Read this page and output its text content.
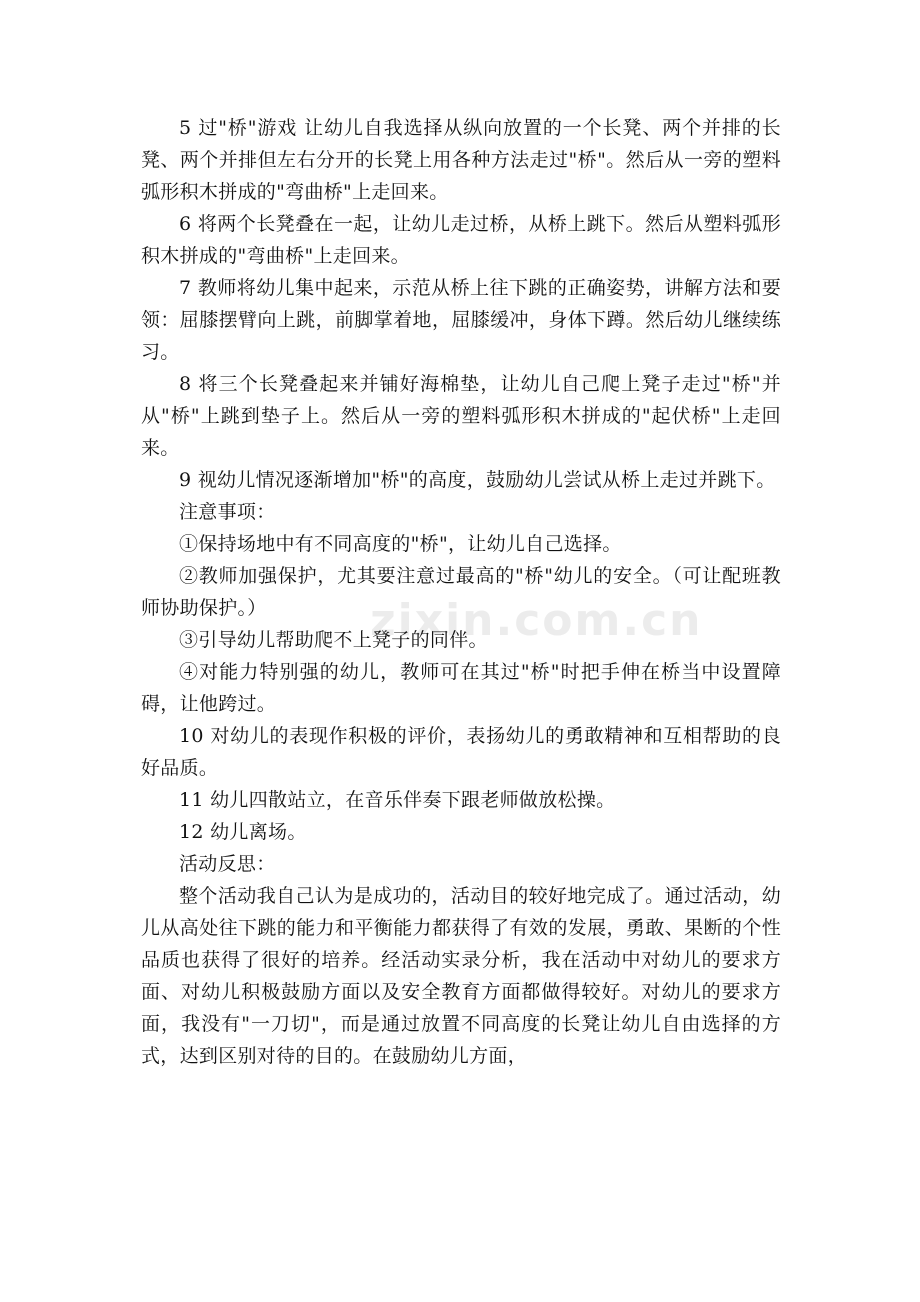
zixin.com.cn

5 过"桥"游戏 让幼儿自我选择从纵向放置的一个长凳、两个并排的长凳、两个并排但左右分开的长凳上用各种方法走过"桥"。然后从一旁的塑料弧形积木拼成的"弯曲桥"上走回来。

6 将两个长凳叠在一起，让幼儿走过桥，从桥上跳下。然后从塑料弧形积木拼成的"弯曲桥"上走回来。

7 教师将幼儿集中起来，示范从桥上往下跳的正确姿势，讲解方法和要领：屈膝摆臂向上跳，前脚掌着地，屈膝缓冲，身体下蹲。然后幼儿继续练习。

8 将三个长凳叠起来并铺好海棉垫，让幼儿自己爬上凳子走过"桥"并从"桥"上跳到垫子上。然后从一旁的塑料弧形积木拼成的"起伏桥"上走回来。

9 视幼儿情况逐渐增加"桥"的高度，鼓励幼儿尝试从桥上走过并跳下。

注意事项：

①保持场地中有不同高度的"桥"，让幼儿自己选择。

②教师加强保护，尤其要注意过最高的"桥"幼儿的安全。（可让配班教师协助保护。）

③引导幼儿帮助爬不上凳子的同伴。

④对能力特别强的幼儿，教师可在其过"桥"时把手伸在桥当中设置障碍，让他跨过。

10 对幼儿的表现作积极的评价，表扬幼儿的勇敢精神和互相帮助的良好品质。

11 幼儿四散站立，在音乐伴奏下跟老师做放松操。

12 幼儿离场。

活动反思：

整个活动我自己认为是成功的，活动目的较好地完成了。通过活动，幼儿从高处往下跳的能力和平衡能力都获得了有效的发展，勇敢、果断的个性品质也获得了很好的培养。经活动实录分析，我在活动中对幼儿的要求方面、对幼儿积极鼓励方面以及安全教育方面都做得较好。对幼儿的要求方面，我没有"一刀切"，而是通过放置不同高度的长凳让幼儿自由选择的方式，达到区别对待的目的。在鼓励幼儿方面，
